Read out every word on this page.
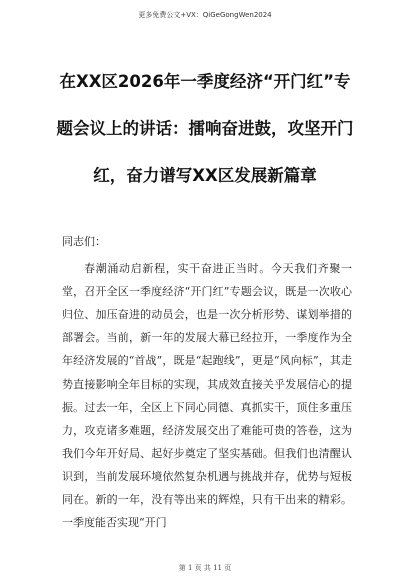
更多免费公文+VX：QiGeGongWen2024
在XX区2026年一季度经济“开门红”专
题会议上的讲话：擂响奋进鼓，攻坚开门
红，奋力谱写XX区发展新篇章

同志们：

春潮涌动启新程，实干奋进正当时。今天我们齐聚一堂，召开全区一季度经济“开门红”专题会议，既是一次收心归位、加压奋进的动员会，也是一次分析形势、谋划举措的部署会。当前，新一年的发展大幕已经拉开，一季度作为全年经济发展的“首战”，既是“起跑线”，更是“风向标”，其走势直接影响全年目标的实现，其成效直接关乎发展信心的提振。过去一年，全区上下同心同德、真抓实干，顶住多重压力，攻克诸多难题，经济发展交出了难能可贵的答卷，这为我们今年开好局、起好步奠定了坚实基础。但我们也清醒认识到，当前发展环境依然复杂机遇与挑战并存，优势与短板同在。新的一年，没有等出来的辉煌，只有干出来的精彩。一季度能否实现“开门

第 1 页 共 11 页
